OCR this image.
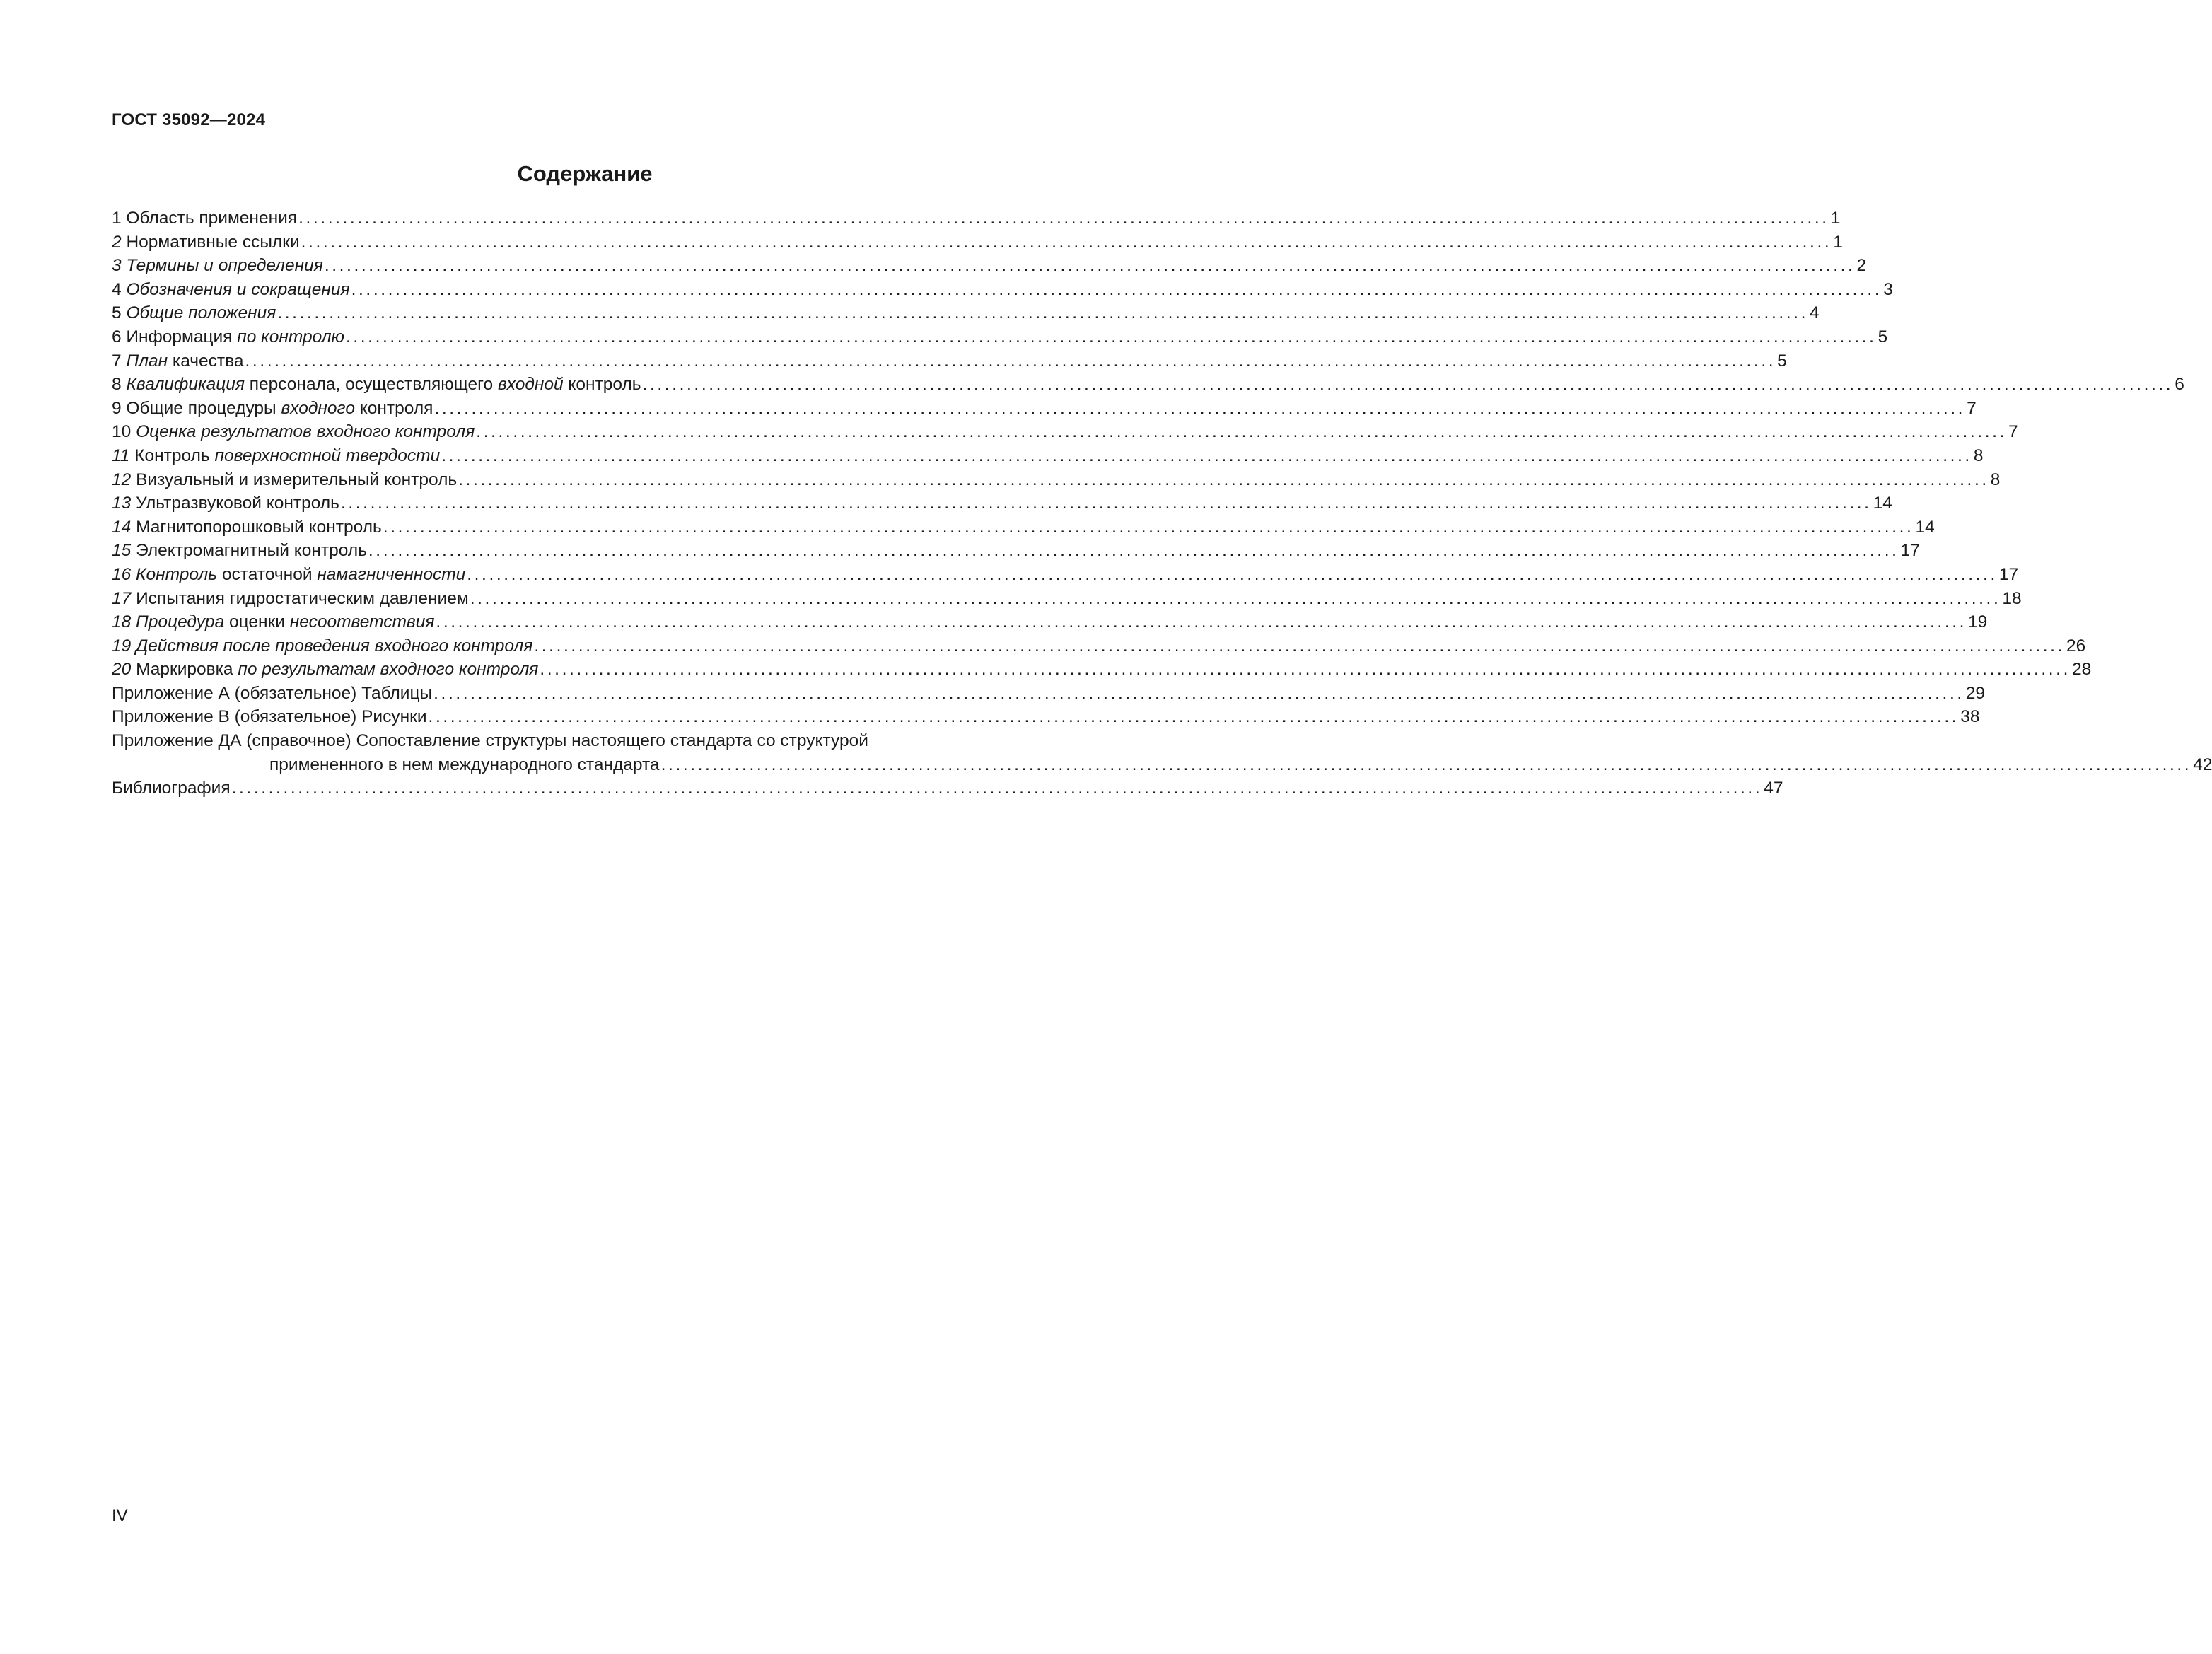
ГОСТ 35092—2024
Содержание
1 Область применения ................................................................................................................................................................................................................ 1
2 Нормативные ссылки ................................................................................................................................................................................................................ 1
3 Термины и определения ................................................................................................................................................................................................................ 2
4 Обозначения и сокращения ................................................................................................................................................................................................................ 3
5 Общие положения ................................................................................................................................................................................................................ 4
6 Информация по контролю ................................................................................................................................................................................................................ 5
7 План качества ................................................................................................................................................................................................................ 5
8 Квалификация персонала, осуществляющего входной контроль ................................................................................................................................................................................................................ 6
9 Общие процедуры входного контроля ................................................................................................................................................................................................................ 7
10 Оценка результатов входного контроля ................................................................................................................................................................................................................ 7
11 Контроль поверхностной твердости ................................................................................................................................................................................................................ 8
12 Визуальный и измерительный контроль ................................................................................................................................................................................................................ 8
13 Ультразвуковой контроль ................................................................................................................................................................................................................ 14
14 Магнитопорошковый контроль ................................................................................................................................................................................................................ 14
15 Электромагнитный контроль ................................................................................................................................................................................................................ 17
16 Контроль остаточной намагниченности ................................................................................................................................................................................................................ 17
17 Испытания гидростатическим давлением ................................................................................................................................................................................................................ 18
18 Процедура оценки несоответствия ................................................................................................................................................................................................................ 19
19 Действия после проведения входного контроля ................................................................................................................................................................................................................ 26
20 Маркировка по результатам входного контроля ................................................................................................................................................................................................................ 28
Приложение А (обязательное) Таблицы ................................................................................................................................................................................................................ 29
Приложение В (обязательное) Рисунки ................................................................................................................................................................................................................ 38
Приложение ДА (справочное) Сопоставление структуры настоящего стандарта со структурой
примененного в нем международного стандарта ................................................................................................................................................................................................................ 42
Библиография ................................................................................................................................................................................................................ 47
IV
